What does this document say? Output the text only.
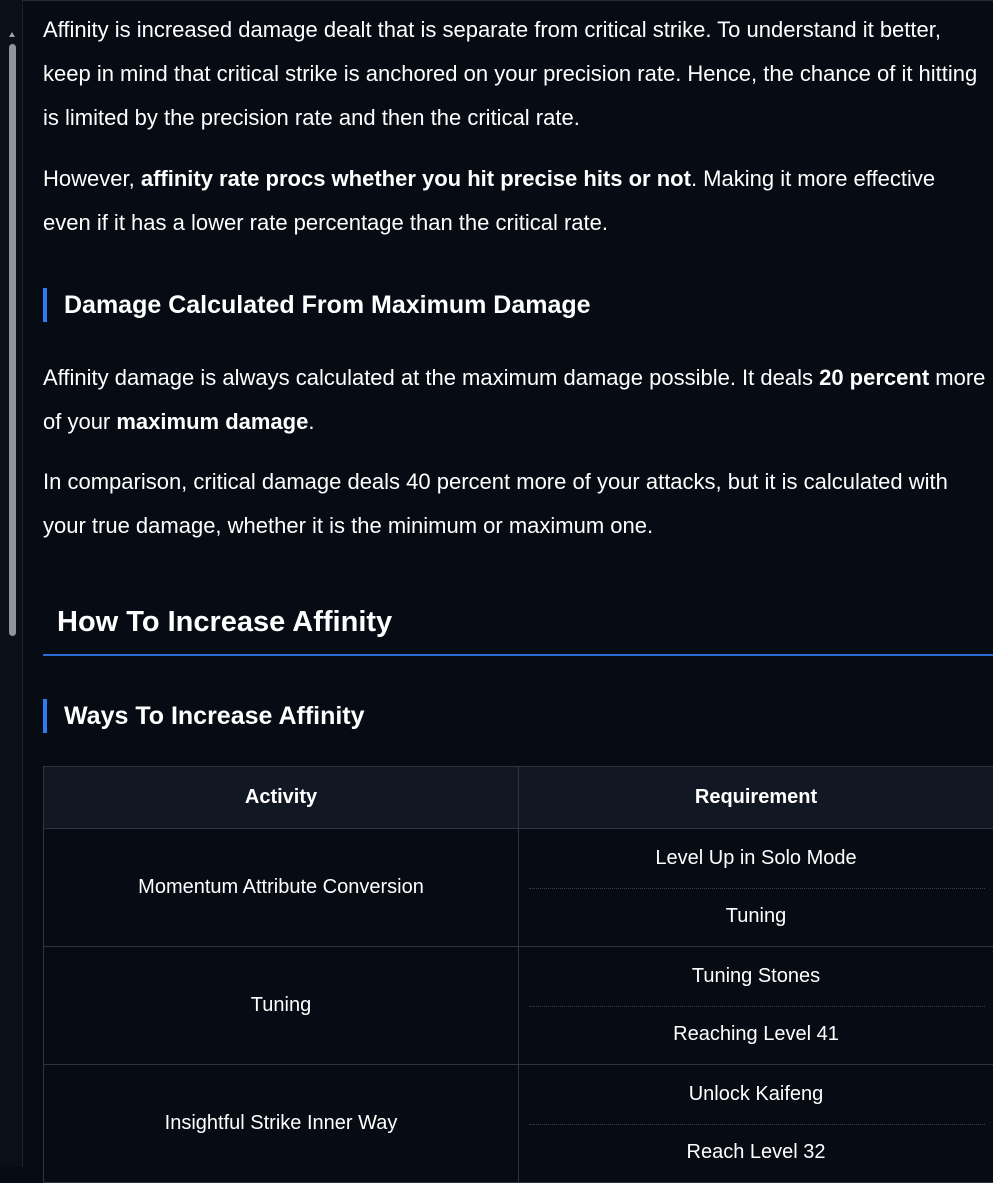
Affinity is increased damage dealt that is separate from critical strike. To understand it better, keep in mind that critical strike is anchored on your precision rate. Hence, the chance of it hitting is limited by the precision rate and then the critical rate.

However, affinity rate procs whether you hit precise hits or not. Making it more effective even if it has a lower rate percentage than the critical rate.

Damage Calculated From Maximum Damage

Affinity damage is always calculated at the maximum damage possible. It deals 20 percent more of your maximum damage.

In comparison, critical damage deals 40 percent more of your attacks, but it is calculated with your true damage, whether it is the minimum or maximum one.

How To Increase Affinity
Ways To Increase Affinity
Activity	Requirement
Momentum Attribute Conversion	Level Up in Solo Mode
Tuning

Tuning	Tuning Stones
Reaching Level 41

Insightful Strike Inner Way	Unlock Kaifeng
Reach Level 32
